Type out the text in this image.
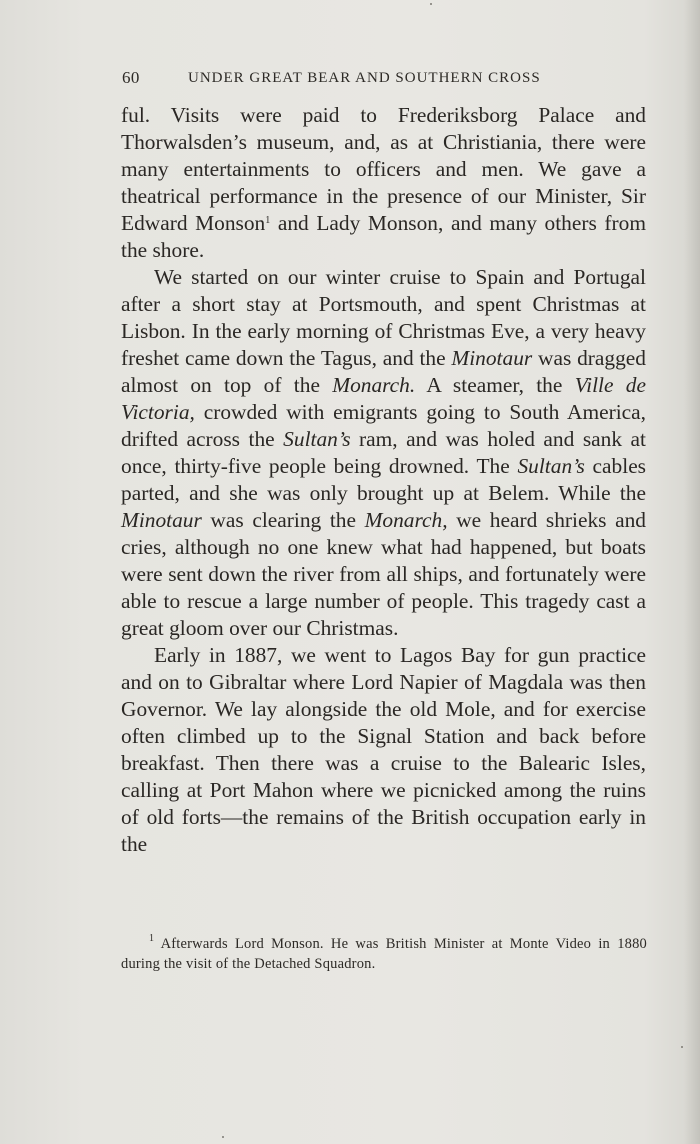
60	UNDER GREAT BEAR AND SOUTHERN CROSS

ful. Visits were paid to Frederiksborg Palace and Thorwalsden’s museum, and, as at Christiania, there were many entertainments to officers and men. We gave a theatrical performance in the presence of our Minister, Sir Edward Monson$^1$ and Lady Monson, and many others from the shore.

We started on our winter cruise to Spain and Portugal after a short stay at Portsmouth, and spent Christmas at Lisbon. In the early morning of Christmas Eve, a very heavy freshet came down the Tagus, and the Minotaur was dragged almost on top of the Monarch. A steamer, the Ville de Victoria, crowded with emigrants going to South America, drifted across the Sultan’s ram, and was holed and sank at once, thirty-five people being drowned. The Sultan’s cables parted, and she was only brought up at Belem. While the Minotaur was clearing the Monarch, we heard shrieks and cries, although no one knew what had happened, but boats were sent down the river from all ships, and fortunately were able to rescue a large number of people. This tragedy cast a great gloom over our Christmas.

Early in 1887, we went to Lagos Bay for gun practice and on to Gibraltar where Lord Napier of Magdala was then Governor. We lay alongside the old Mole, and for exercise often climbed up to the Signal Station and back before breakfast. Then there was a cruise to the Balearic Isles, calling at Port Mahon where we picnicked among the ruins of old forts—the remains of the British occupation early in the

$^1$ Afterwards Lord Monson. He was British Minister at Monte Video in 1880 during the visit of the Detached Squadron.
